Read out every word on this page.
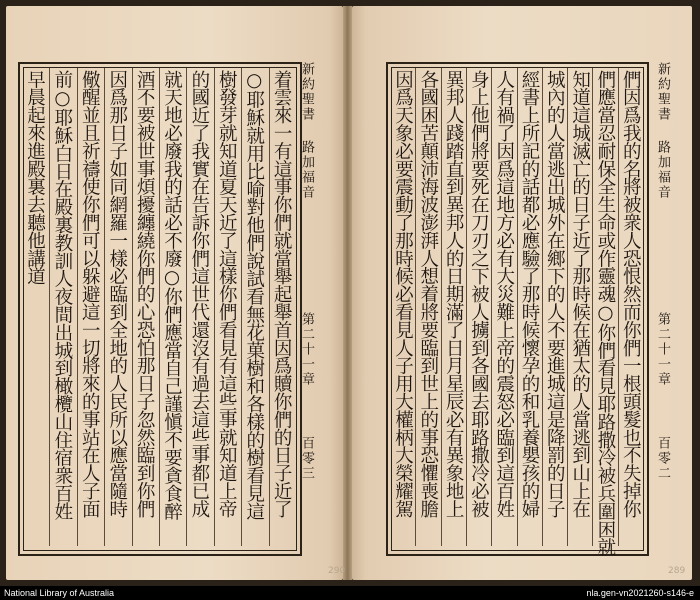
着雲來一有這事你們就當舉起舉首因爲贖你們的日子近了
○耶穌就用比喻對他們說試看無花菓樹和各樣的樹看見這
樹發芽就知道夏天近了這樣你們看見有這些事就知道上帝
的國近了我實在告訴你們這世代還沒有過去這些事都已成
就天地必廢我的話必不廢○你們應當自己謹愼不要貪食醉
酒不要被世事煩擾纏繞你們的心恐怕那日子忽然臨到你們
因爲那日子如同網羅一樣必臨到全地的人民所以應當隨時
儆醒並且祈禱使你們可以躲避這一切將來的事站在人子面
前○耶穌白日在殿裏教訓人夜間出城到橄欖山住宿衆百姓
早晨起來進殿裏去聽他講道	新約聖書
路加福音
第二十一章
百零三	們因爲我的名將被衆人恐恨然而你們一根頭髮也不失掉你
們應當忍耐保全生命或作靈魂○你們看見耶路撒冷被兵圍困就
知道這城滅亡的日子近了那時候在猶太的人當逃到山上在
城內的人當逃出城外在鄉下的人不要進城這是降罰的日子
經書上所記的話都必應驗了那時候懷孕的和乳養嬰孩的婦
人有禍了因爲這地方必有大災難上帝的震怒必臨到這百姓
身上他們將要死在刀刃之下被人擄到各國去耶路撒冷必被
異邦人踐踏直到異邦人的日期滿了日月星辰必有異象地上
各國困苦顛沛海波澎湃人想着將要臨到世上的事恐懼喪膽
因爲天象必要震動了那時候必看見人子用大權柄大榮耀駕	新約聖書
路加福音
第二十一章
百零二
290	289
National Library of Australia	nla.gen-vn2021260-s146-e
